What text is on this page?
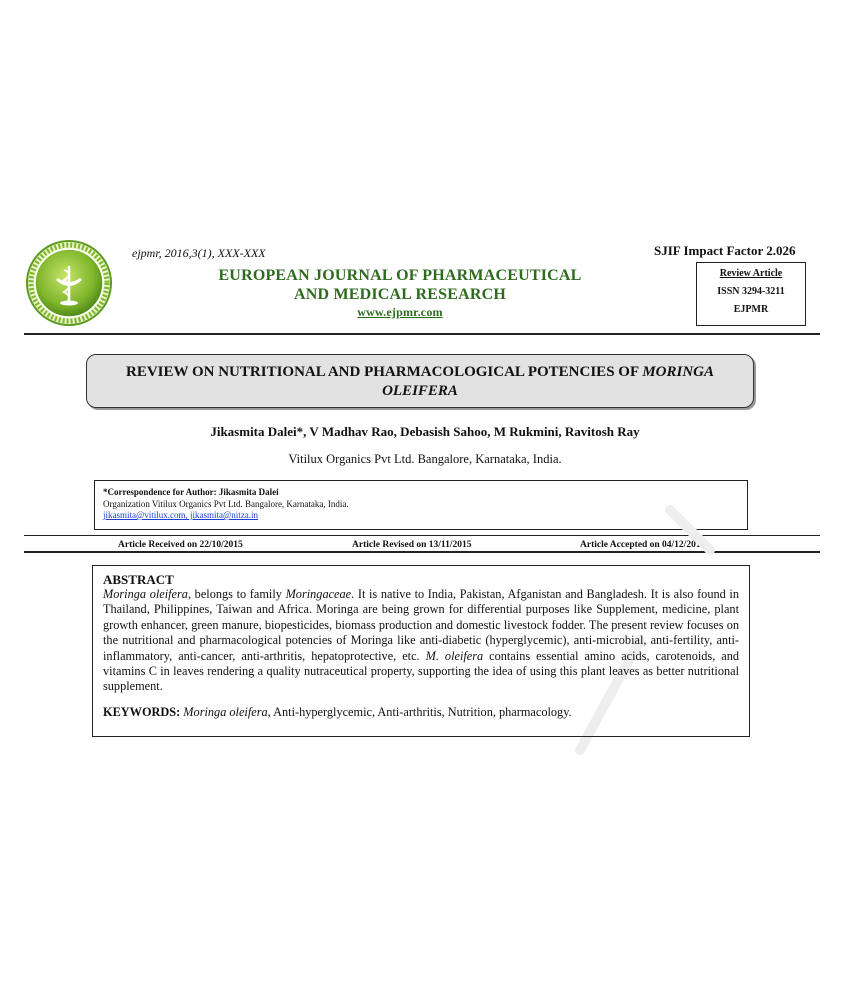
ejpmr, 2016,3(1), XXX-XXX
EUROPEAN JOURNAL OF PHARMACEUTICAL
AND MEDICAL RESEARCH
www.ejpmr.com
SJIF Impact Factor 2.026
Review Article
ISSN 3294-3211
EJPMR
REVIEW ON NUTRITIONAL AND PHARMACOLOGICAL POTENCIES OF MORINGA
OLEIFERA
Jikasmita Dalei*, V Madhav Rao, Debasish Sahoo, M Rukmini, Ravitosh Ray
Vitilux Organics Pvt Ltd. Bangalore, Karnataka, India.
*Correspondence for Author: Jikasmita Dalei
Organization Vitilux Organics Pvt Ltd. Bangalore, Karnataka, India.
jikasmita@vitilux.com, jikasmita@nitza.in
Article Received on 22/10/2015	Article Revised on 13/11/2015	Article Accepted on 04/12/2015
ABSTRACT

Moringa oleifera, belongs to family Moringaceae. It is native to India, Pakistan, Afganistan and Bangladesh. It is also found in Thailand, Philippines, Taiwan and Africa. Moringa are being grown for differential purposes like Supplement, medicine, plant growth enhancer, green manure, biopesticides, biomass production and domestic livestock fodder. The present review focuses on the nutritional and pharmacological potencies of Moringa like anti-diabetic (hyperglycemic), anti-microbial, anti-fertility, anti-inflammatory, anti-cancer, anti-arthritis, hepatoprotective, etc. M. oleifera contains essential amino acids, carotenoids, and vitamins C in leaves rendering a quality nutraceutical property, supporting the idea of using this plant leaves as better nutritional supplement.

KEYWORDS: Moringa oleifera, Anti-hyperglycemic, Anti-arthritis, Nutrition, pharmacology.
